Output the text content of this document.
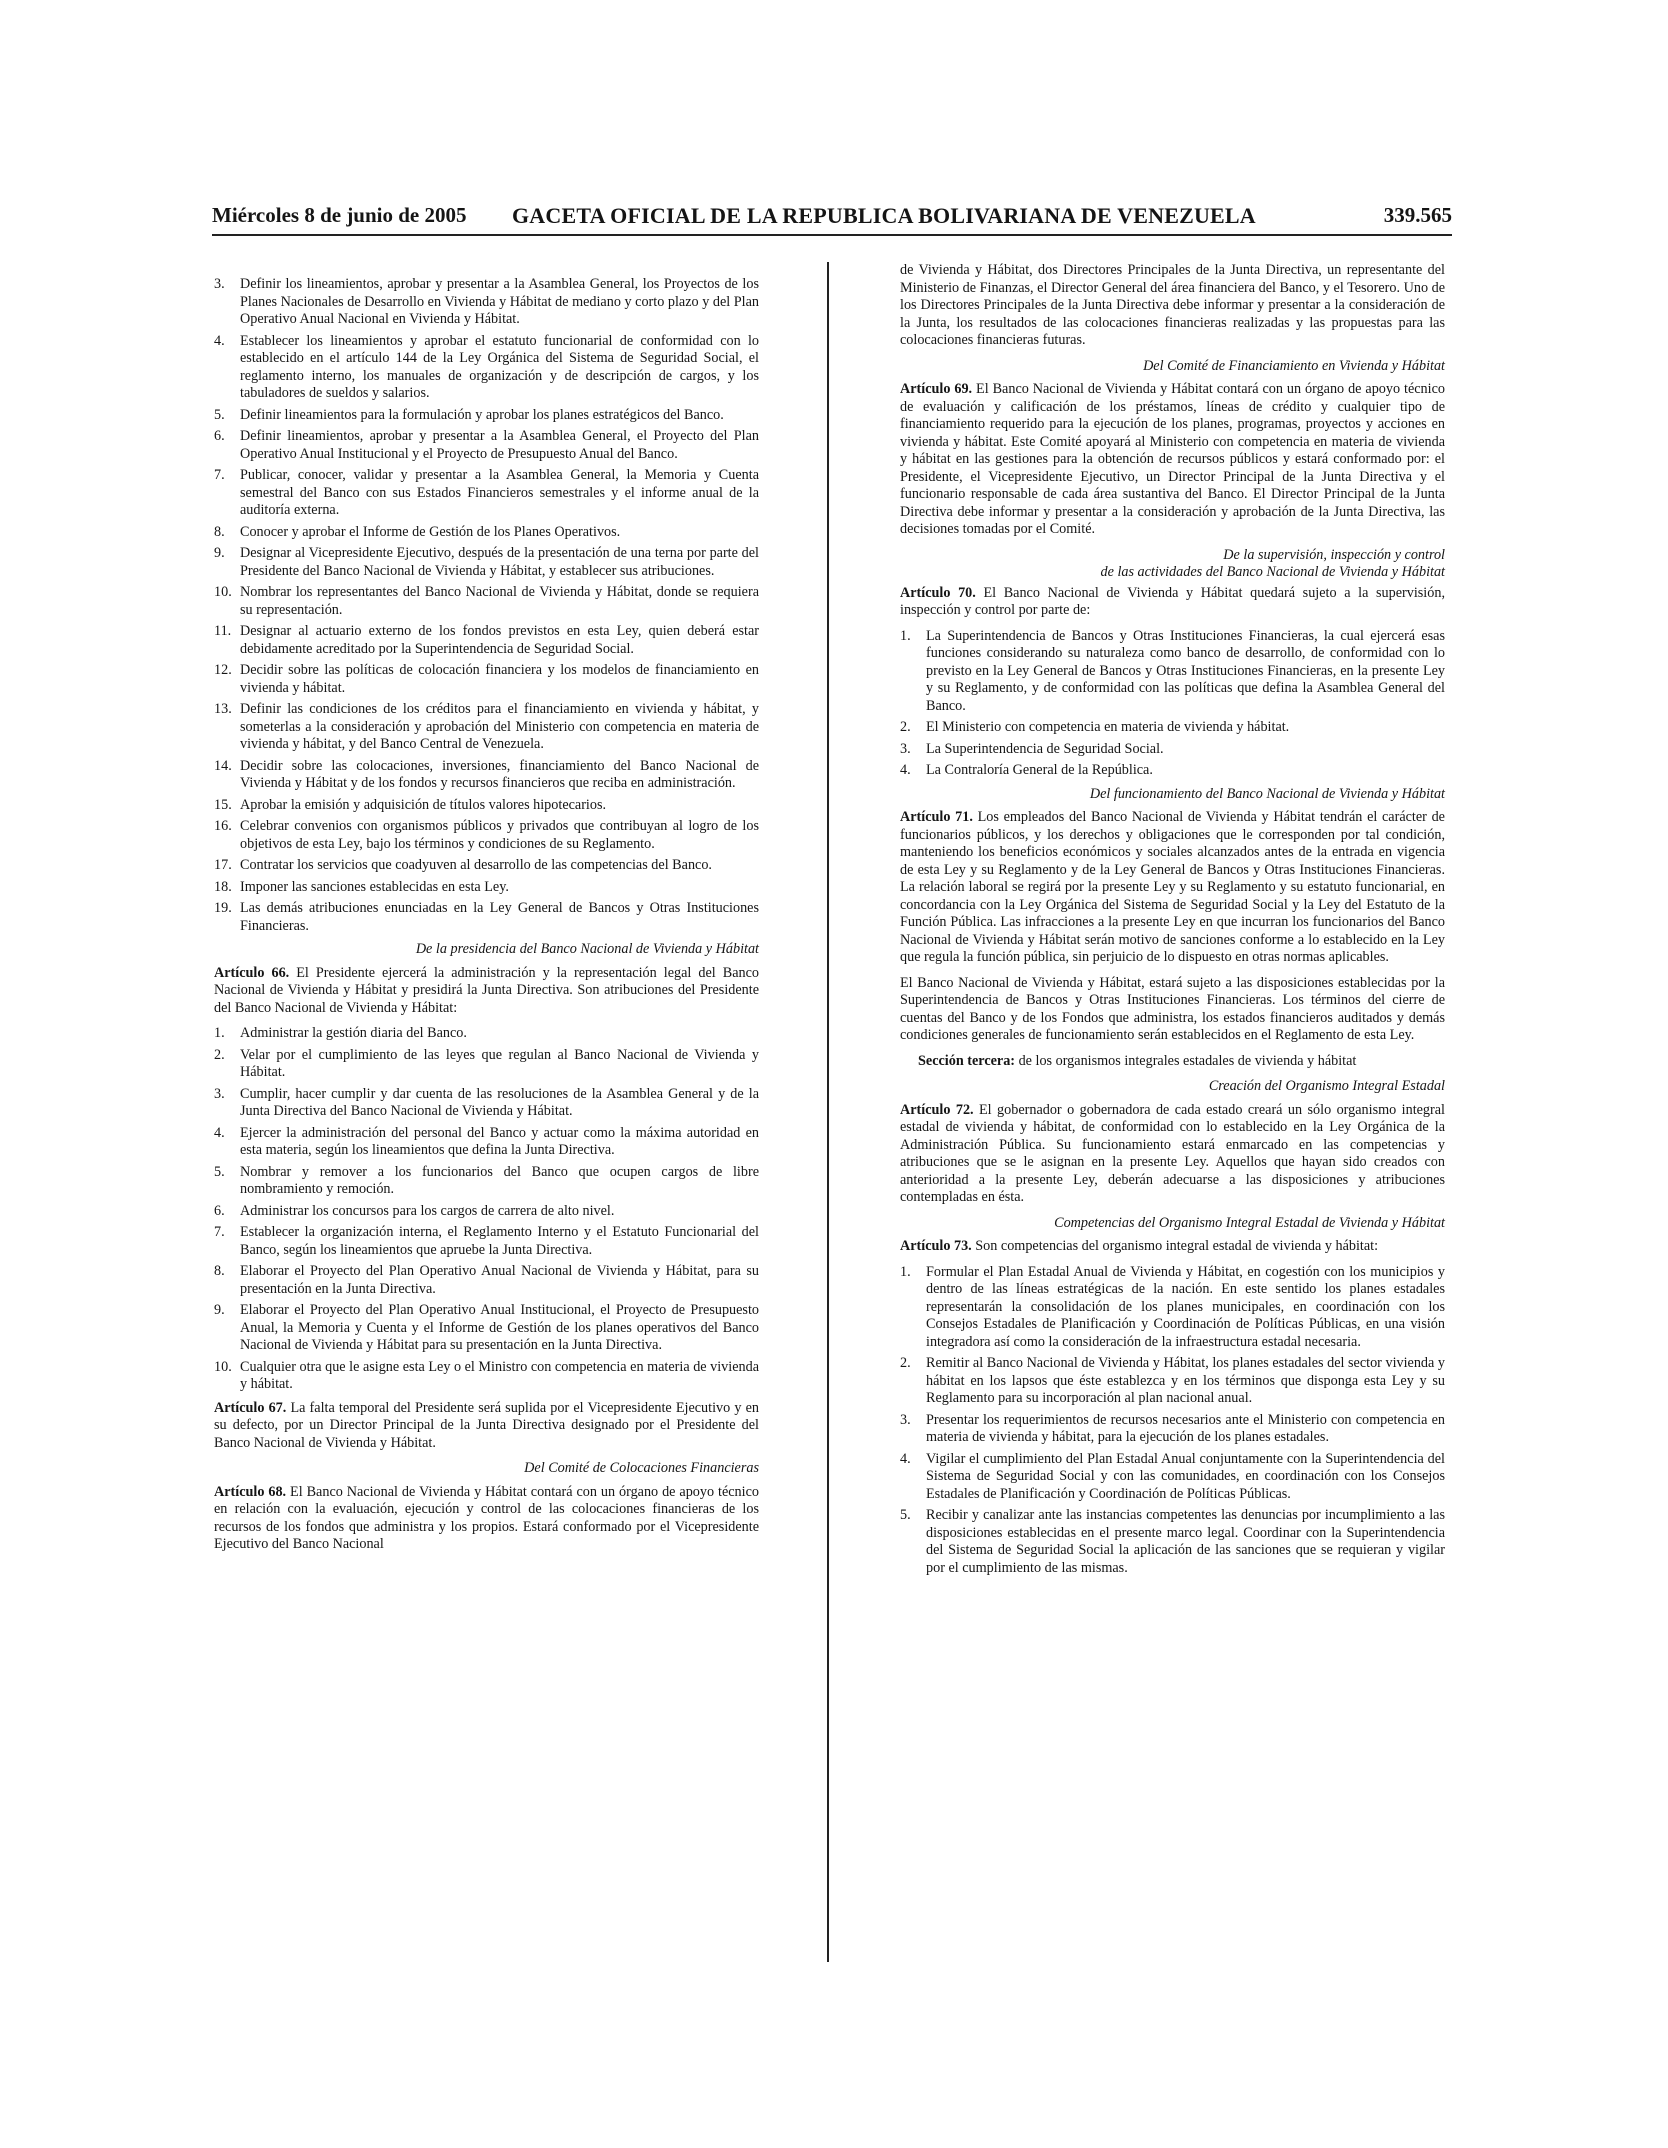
Miércoles 8 de junio de 2005 GACETA OFICIAL DE LA REPUBLICA BOLIVARIANA DE VENEZUELA	339.565
3.	Definir los lineamientos, aprobar y presentar a la Asamblea General, los Proyectos de los Planes Nacionales de Desarrollo en Vivienda y Hábitat de mediano y corto plazo y del Plan Operativo Anual Nacional en Vivienda y Hábitat.
4.	Establecer los lineamientos y aprobar el estatuto funcionarial de conformidad con lo establecido en el artículo 144 de la Ley Orgánica del Sistema de Seguridad Social, el reglamento interno, los manuales de organización y de descripción de cargos, y los tabuladores de sueldos y salarios.
5.	Definir lineamientos para la formulación y aprobar los planes estratégicos del Banco.
6.	Definir lineamientos, aprobar y presentar a la Asamblea General, el Proyecto del Plan Operativo Anual Institucional y el Proyecto de Presupuesto Anual del Banco.
7.	Publicar, conocer, validar y presentar a la Asamblea General, la Memoria y Cuenta semestral del Banco con sus Estados Financieros semestrales y el informe anual de la auditoría externa.
8.	Conocer y aprobar el Informe de Gestión de los Planes Operativos.
9.	Designar al Vicepresidente Ejecutivo, después de la presentación de una terna por parte del Presidente del Banco Nacional de Vivienda y Hábitat, y establecer sus atribuciones.
10. Nombrar los representantes del Banco Nacional de Vivienda y Hábitat, donde se requiera su representación.
11. Designar al actuario externo de los fondos previstos en esta Ley, quien deberá estar debidamente acreditado por la Superintendencia de Seguridad Social.
12. Decidir sobre las políticas de colocación financiera y los modelos de financiamiento en vivienda y hábitat.
13. Definir las condiciones de los créditos para el financiamiento en vivienda y hábitat, y someterlas a la consideración y aprobación del Ministerio con competencia en materia de vivienda y hábitat, y del Banco Central de Venezuela.
14. Decidir sobre las colocaciones, inversiones, financiamiento del Banco Nacional de Vivienda y Hábitat y de los fondos y recursos financieros que reciba en administración.
15. Aprobar la emisión y adquisición de títulos valores hipotecarios.
16. Celebrar convenios con organismos públicos y privados que contribuyan al logro de los objetivos de esta Ley, bajo los términos y condiciones de su Reglamento.
17. Contratar los servicios que coadyuven al desarrollo de las competencias del Banco.
18. Imponer las sanciones establecidas en esta Ley.
19. Las demás atribuciones enunciadas en la Ley General de Bancos y Otras Instituciones Financieras.
De la presidencia del Banco Nacional de Vivienda y Hábitat

Artículo 66. El Presidente ejercerá la administración y la representación legal del Banco Nacional de Vivienda y Hábitat y presidirá la Junta Directiva. Son atribuciones del Presidente del Banco Nacional de Vivienda y Hábitat:

1.	Administrar la gestión diaria del Banco.
2.	Velar por el cumplimiento de las leyes que regulan al Banco Nacional de Vivienda y Hábitat.
3.	Cumplir, hacer cumplir y dar cuenta de las resoluciones de la Asamblea General y de la Junta Directiva del Banco Nacional de Vivienda y Hábitat.
4.	Ejercer la administración del personal del Banco y actuar como la máxima autoridad en esta materia, según los lineamientos que defina la Junta Directiva.
5.	Nombrar y remover a los funcionarios del Banco que ocupen cargos de libre nombramiento y remoción.
6.	Administrar los concursos para los cargos de carrera de alto nivel.
7.	Establecer la organización interna, el Reglamento Interno y el Estatuto Funcionarial del Banco, según los lineamientos que apruebe la Junta Directiva.
8.	Elaborar el Proyecto del Plan Operativo Anual Nacional de Vivienda y Hábitat, para su presentación en la Junta Directiva.
9.	Elaborar el Proyecto del Plan Operativo Anual Institucional, el Proyecto de Presupuesto Anual, la Memoria y Cuenta y el Informe de Gestión de los planes operativos del Banco Nacional de Vivienda y Hábitat para su presentación en la Junta Directiva.
10. Cualquier otra que le asigne esta Ley o el Ministro con competencia en materia de vivienda y hábitat.

Artículo 67. La falta temporal del Presidente será suplida por el Vicepresidente Ejecutivo y en su defecto, por un Director Principal de la Junta Directiva designado por el Presidente del Banco Nacional de Vivienda y Hábitat.

Del Comité de Colocaciones Financieras

Artículo 68. El Banco Nacional de Vivienda y Hábitat contará con un órgano de apoyo técnico en relación con la evaluación, ejecución y control de las colocaciones financieras de los recursos de los fondos que administra y los propios. Estará conformado por el Vicepresidente Ejecutivo del Banco Nacional

de Vivienda y Hábitat, dos Directores Principales de la Junta Directiva, un representante del Ministerio de Finanzas, el Director General del área financiera del Banco, y el Tesorero. Uno de los Directores Principales de la Junta Directiva debe informar y presentar a la consideración de la Junta, los resultados de las colocaciones financieras realizadas y las propuestas para las colocaciones financieras futuras.

Del Comité de Financiamiento en Vivienda y Hábitat

Artículo 69. El Banco Nacional de Vivienda y Hábitat contará con un órgano de apoyo técnico de evaluación y calificación de los préstamos, líneas de crédito y cualquier tipo de financiamiento requerido para la ejecución de los planes, programas, proyectos y acciones en vivienda y hábitat. Este Comité apoyará al Ministerio con competencia en materia de vivienda y hábitat en las gestiones para la obtención de recursos públicos y estará conformado por: el Presidente, el Vicepresidente Ejecutivo, un Director Principal de la Junta Directiva y el funcionario responsable de cada área sustantiva del Banco. El Director Principal de la Junta Directiva debe informar y presentar a la consideración y aprobación de la Junta Directiva, las decisiones tomadas por el Comité.

De la supervisión, inspección y control
de las actividades del Banco Nacional de Vivienda y Hábitat

Artículo 70. El Banco Nacional de Vivienda y Hábitat quedará sujeto a la supervisión, inspección y control por parte de:

1.	La Superintendencia de Bancos y Otras Instituciones Financieras, la cual ejercerá esas funciones considerando su naturaleza como banco de desarrollo, de conformidad con lo previsto en la Ley General de Bancos y Otras Instituciones Financieras, en la presente Ley y su Reglamento, y de conformidad con las políticas que defina la Asamblea General del Banco.
2.	El Ministerio con competencia en materia de vivienda y hábitat.
3.	La Superintendencia de Seguridad Social.
4.	La Contraloría General de la República.
Del funcionamiento del Banco Nacional de Vivienda y Hábitat

Artículo 71. Los empleados del Banco Nacional de Vivienda y Hábitat tendrán el carácter de funcionarios públicos, y los derechos y obligaciones que le corresponden por tal condición, manteniendo los beneficios económicos y sociales alcanzados antes de la entrada en vigencia de esta Ley y su Reglamento y de la Ley General de Bancos y Otras Instituciones Financieras. La relación laboral se regirá por la presente Ley y su Reglamento y su estatuto funcionarial, en concordancia con la Ley Orgánica del Sistema de Seguridad Social y la Ley del Estatuto de la Función Pública. Las infracciones a la presente Ley en que incurran los funcionarios del Banco Nacional de Vivienda y Hábitat serán motivo de sanciones conforme a lo establecido en la Ley que regula la función pública, sin perjuicio de lo dispuesto en otras normas aplicables.

El Banco Nacional de Vivienda y Hábitat, estará sujeto a las disposiciones establecidas por la Superintendencia de Bancos y Otras Instituciones Financieras. Los términos del cierre de cuentas del Banco y de los Fondos que administra, los estados financieros auditados y demás condiciones generales de funcionamiento serán establecidos en el Reglamento de esta Ley.

Sección tercera: de los organismos integrales estadales de vivienda y hábitat

Creación del Organismo Integral Estadal

Artículo 72. El gobernador o gobernadora de cada estado creará un sólo organismo integral estadal de vivienda y hábitat, de conformidad con lo establecido en la Ley Orgánica de la Administración Pública. Su funcionamiento estará enmarcado en las competencias y atribuciones que se le asignan en la presente Ley. Aquellos que hayan sido creados con anterioridad a la presente Ley, deberán adecuarse a las disposiciones y atribuciones contempladas en ésta.

Competencias del Organismo Integral Estadal de Vivienda y Hábitat

Artículo 73. Son competencias del organismo integral estadal de vivienda y hábitat:

1.	Formular el Plan Estadal Anual de Vivienda y Hábitat, en cogestión con los municipios y dentro de las líneas estratégicas de la nación. En este sentido los planes estadales representarán la consolidación de los planes municipales, en coordinación con los Consejos Estadales de Planificación y Coordinación de Políticas Públicas, en una visión integradora así como la consideración de la infraestructura estadal necesaria.
2.	Remitir al Banco Nacional de Vivienda y Hábitat, los planes estadales del sector vivienda y hábitat en los lapsos que éste establezca y en los términos que disponga esta Ley y su Reglamento para su incorporación al plan nacional anual.
3.	Presentar los requerimientos de recursos necesarios ante el Ministerio con competencia en materia de vivienda y hábitat, para la ejecución de los planes estadales.
4.	Vigilar el cumplimiento del Plan Estadal Anual conjuntamente con la Superintendencia del Sistema de Seguridad Social y con las comunidades, en coordinación con los Consejos Estadales de Planificación y Coordinación de Políticas Públicas.
5.	Recibir y canalizar ante las instancias competentes las denuncias por incumplimiento a las disposiciones establecidas en el presente marco legal. Coordinar con la Superintendencia del Sistema de Seguridad Social la aplicación de las sanciones que se requieran y vigilar por el cumplimiento de las mismas.
